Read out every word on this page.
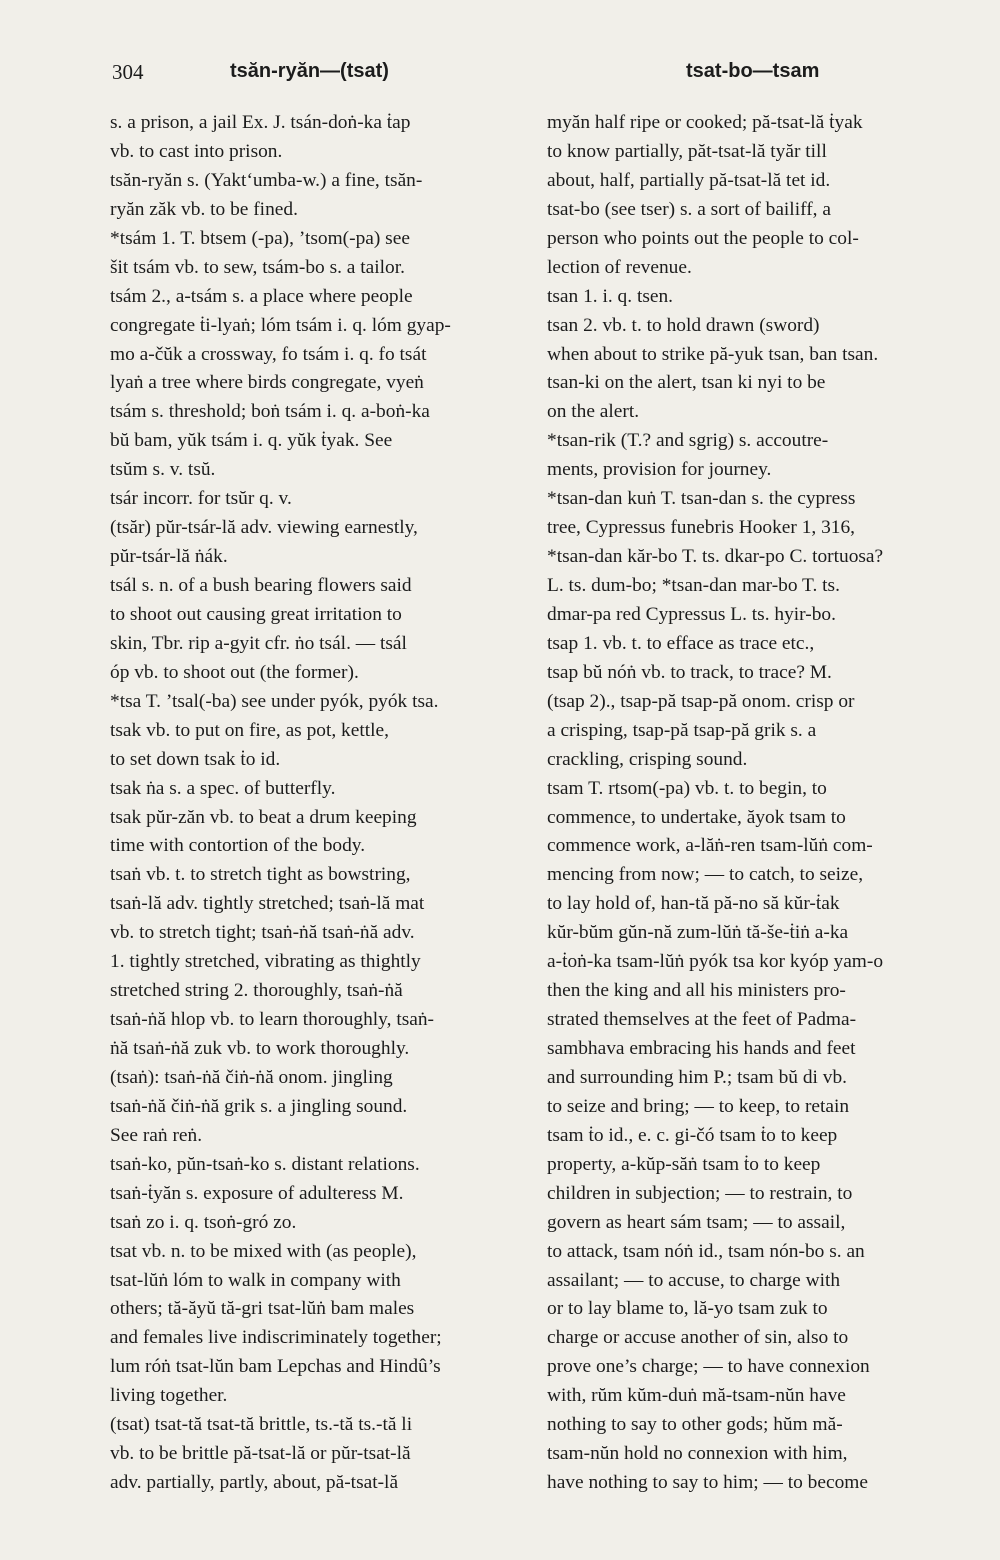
304	tsăn-ryăn—(tsat)	tsat-bo—tsam
s. a prison, a jail Ex. J. tsán-doṅ-ka ṫap
vb. to cast into prison.
tsăn-ryăn s. (Yakt‘umba-w.) a fine, tsăn-
ryăn zăk vb. to be fined.
*tsám 1. T. btsem (-pa), ’tsom(-pa) see
šit tsám vb. to sew, tsám-bo s. a tailor.
tsám 2., a-tsám s. a place where people
congregate ṫi-lyaṅ; lóm tsám i. q. lóm gyap-
mo a-čŭk a crossway, fo tsám i. q. fo tsát
lyaṅ a tree where birds congregate, vyeṅ
tsám s. threshold; boṅ tsám i. q. a-boṅ-ka
bŭ bam, yŭk tsám i. q. yŭk ṫyak. See
tsŭm s. v. tsŭ.
tsár incorr. for tsŭr q. v.
(tsăr) pŭr-tsár-lă adv. viewing earnestly,
pŭr-tsár-lă ṅák.
tsál s. n. of a bush bearing flowers said
to shoot out causing great irritation to
skin, Tbr. rip a-gyit cfr. ṅo tsál. — tsál
óp vb. to shoot out (the former).
*tsa T. ’tsal(-ba) see under pyók, pyók tsa.
tsak vb. to put on fire, as pot, kettle,
to set down tsak ṫo id.
tsak ṅa s. a spec. of butterfly.
tsak pŭr-zăn vb. to beat a drum keeping
time with contortion of the body.
tsaṅ vb. t. to stretch tight as bowstring,
tsaṅ-lă adv. tightly stretched; tsaṅ-lă mat
vb. to stretch tight; tsaṅ-ṅă tsaṅ-ṅă adv.
1. tightly stretched, vibrating as thightly
stretched string 2. thoroughly, tsaṅ-ṅă
tsaṅ-ṅă hlop vb. to learn thoroughly, tsaṅ-
ṅă tsaṅ-ṅă zuk vb. to work thoroughly.
(tsaṅ): tsaṅ-ṅă čiṅ-ṅă onom. jingling
tsaṅ-ṅă čiṅ-ṅă grik s. a jingling sound.
See raṅ reṅ.
tsaṅ-ko, pŭn-tsaṅ-ko s. distant relations.
tsaṅ-ṫyăn s. exposure of adulteress M.
tsaṅ zo i. q. tsoṅ-gró zo.
tsat vb. n. to be mixed with (as people),
tsat-lŭṅ lóm to walk in company with
others; tă-ăyŭ tă-gri tsat-lŭṅ bam males
and females live indiscriminately together;
lum róṅ tsat-lŭn bam Lepchas and Hindû’s
living together.
(tsat) tsat-tă tsat-tă brittle, ts.-tă ts.-tă li
vb. to be brittle pă-tsat-lă or pŭr-tsat-lă
adv. partially, partly, about, pă-tsat-lă
myăn half ripe or cooked; pă-tsat-lă ṫyak
to know partially, păt-tsat-lă tyăr till
about, half, partially pă-tsat-lă tet id.
tsat-bo (see tser) s. a sort of bailiff, a
person who points out the people to col-
lection of revenue.
tsan 1. i. q. tsen.
tsan 2. vb. t. to hold drawn (sword)
when about to strike pă-yuk tsan, ban tsan.
tsan-ki on the alert, tsan ki nyi to be
on the alert.
*tsan-rik (T.? and sgrig) s. accoutre-
ments, provision for journey.
*tsan-dan kuṅ T. tsan-dan s. the cypress
tree, Cypressus funebris Hooker 1, 316,
*tsan-dan kăr-bo T. ts. dkar-po C. tortuosa?
L. ts. dum-bo; *tsan-dan mar-bo T. ts.
dmar-pa red Cypressus L. ts. hyir-bo.
tsap 1. vb. t. to efface as trace etc.,
tsap bŭ nóṅ vb. to track, to trace? M.
(tsap 2)., tsap-pă tsap-pă onom. crisp or
a crisping, tsap-pă tsap-pă grik s. a
crackling, crisping sound.
tsam T. rtsom(-pa) vb. t. to begin, to
commence, to undertake, ăyok tsam to
commence work, a-lăṅ-ren tsam-lŭṅ com-
mencing from now; — to catch, to seize,
to lay hold of, han-tă pă-no să kŭr-ṫak
kŭr-bŭm gŭn-nă zum-lŭṅ tă-še-ṫiṅ a-ka
a-ṫoṅ-ka tsam-lŭṅ pyók tsa kor kyóp yam-o
then the king and all his ministers pro-
strated themselves at the feet of Padma-
sambhava embracing his hands and feet
and surrounding him P.; tsam bŭ di vb.
to seize and bring; — to keep, to retain
tsam ṫo id., e. c. gi-čó tsam ṫo to keep
property, a-kŭp-săṅ tsam ṫo to keep
children in subjection; — to restrain, to
govern as heart sám tsam; — to assail,
to attack, tsam nóṅ id., tsam nón-bo s. an
assailant; — to accuse, to charge with
or to lay blame to, lă-yo tsam zuk to
charge or accuse another of sin, also to
prove one’s charge; — to have connexion
with, rŭm kŭm-duṅ mă-tsam-nŭn have
nothing to say to other gods; hŭm mă-
tsam-nŭn hold no connexion with him,
have nothing to say to him; — to become
